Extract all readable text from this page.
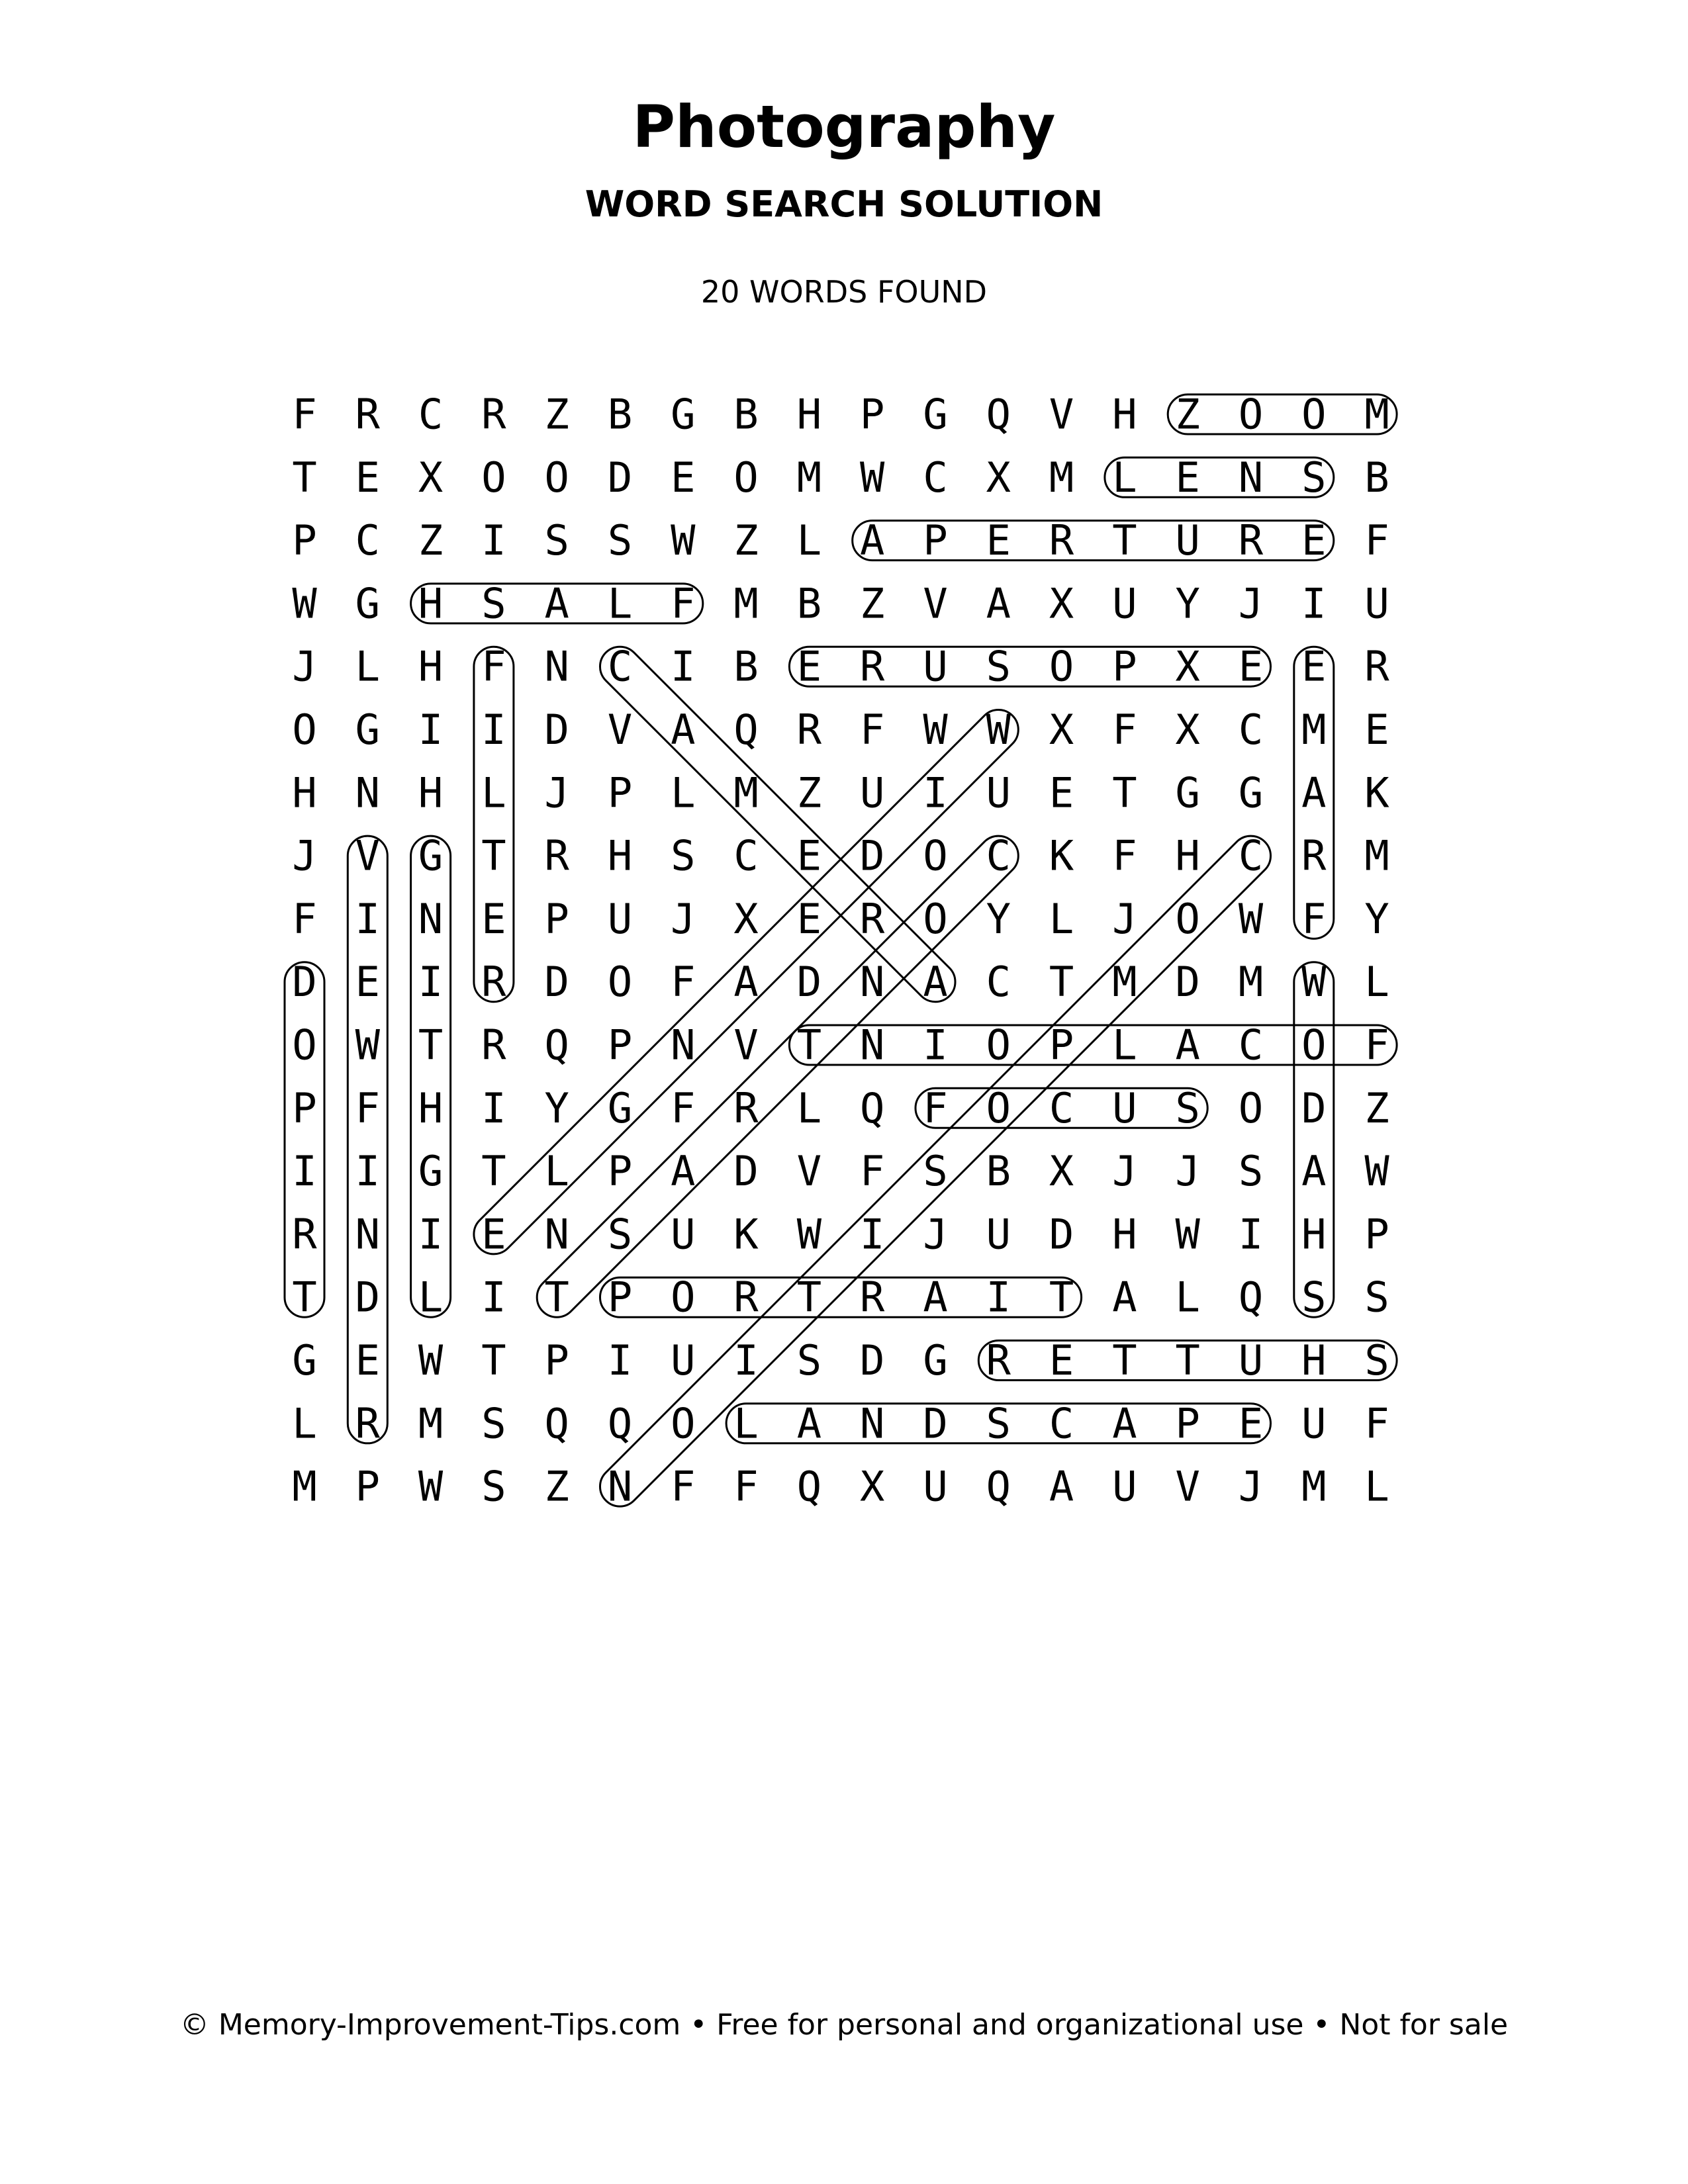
Photography
WORD SEARCH SOLUTION
20 WORDS FOUND
F R C R Z B G B H P G Q V H Z O O M
T E X O O D E O M W C X M L E N S B
P C Z I S S W Z L A P E R T U R E F
W G H S A L F M B Z V A X U Y J I U
J L H F N C I B E R U S O P X E E R
O G I I D V A Q R F W W X F X C M E
H N H L J P L M Z U I U E T G G A K
J V G T R H S C E D O C K F H C R M
F I N E P U J X E R O Y L J O W F Y
D E I R D O F A D N A C T M D M W L
O W T R Q P N V T N I O P L A C O F
P F H I Y G F R L Q F O C U S O D Z
I I G T L P A D V F S B X J J S A W
R N I E N S U K W I J U D H W I H P
T D L I T P O R T R A I T A L Q S S
G E W T P I U I S D G R E T T U H S
L R M S Q Q O L A N D S C A P E U F
M P W S Z N F F Q X U Q A U V J M L
© Memory-Improvement-Tips.com • Free for personal and organizational use • Not for sale
